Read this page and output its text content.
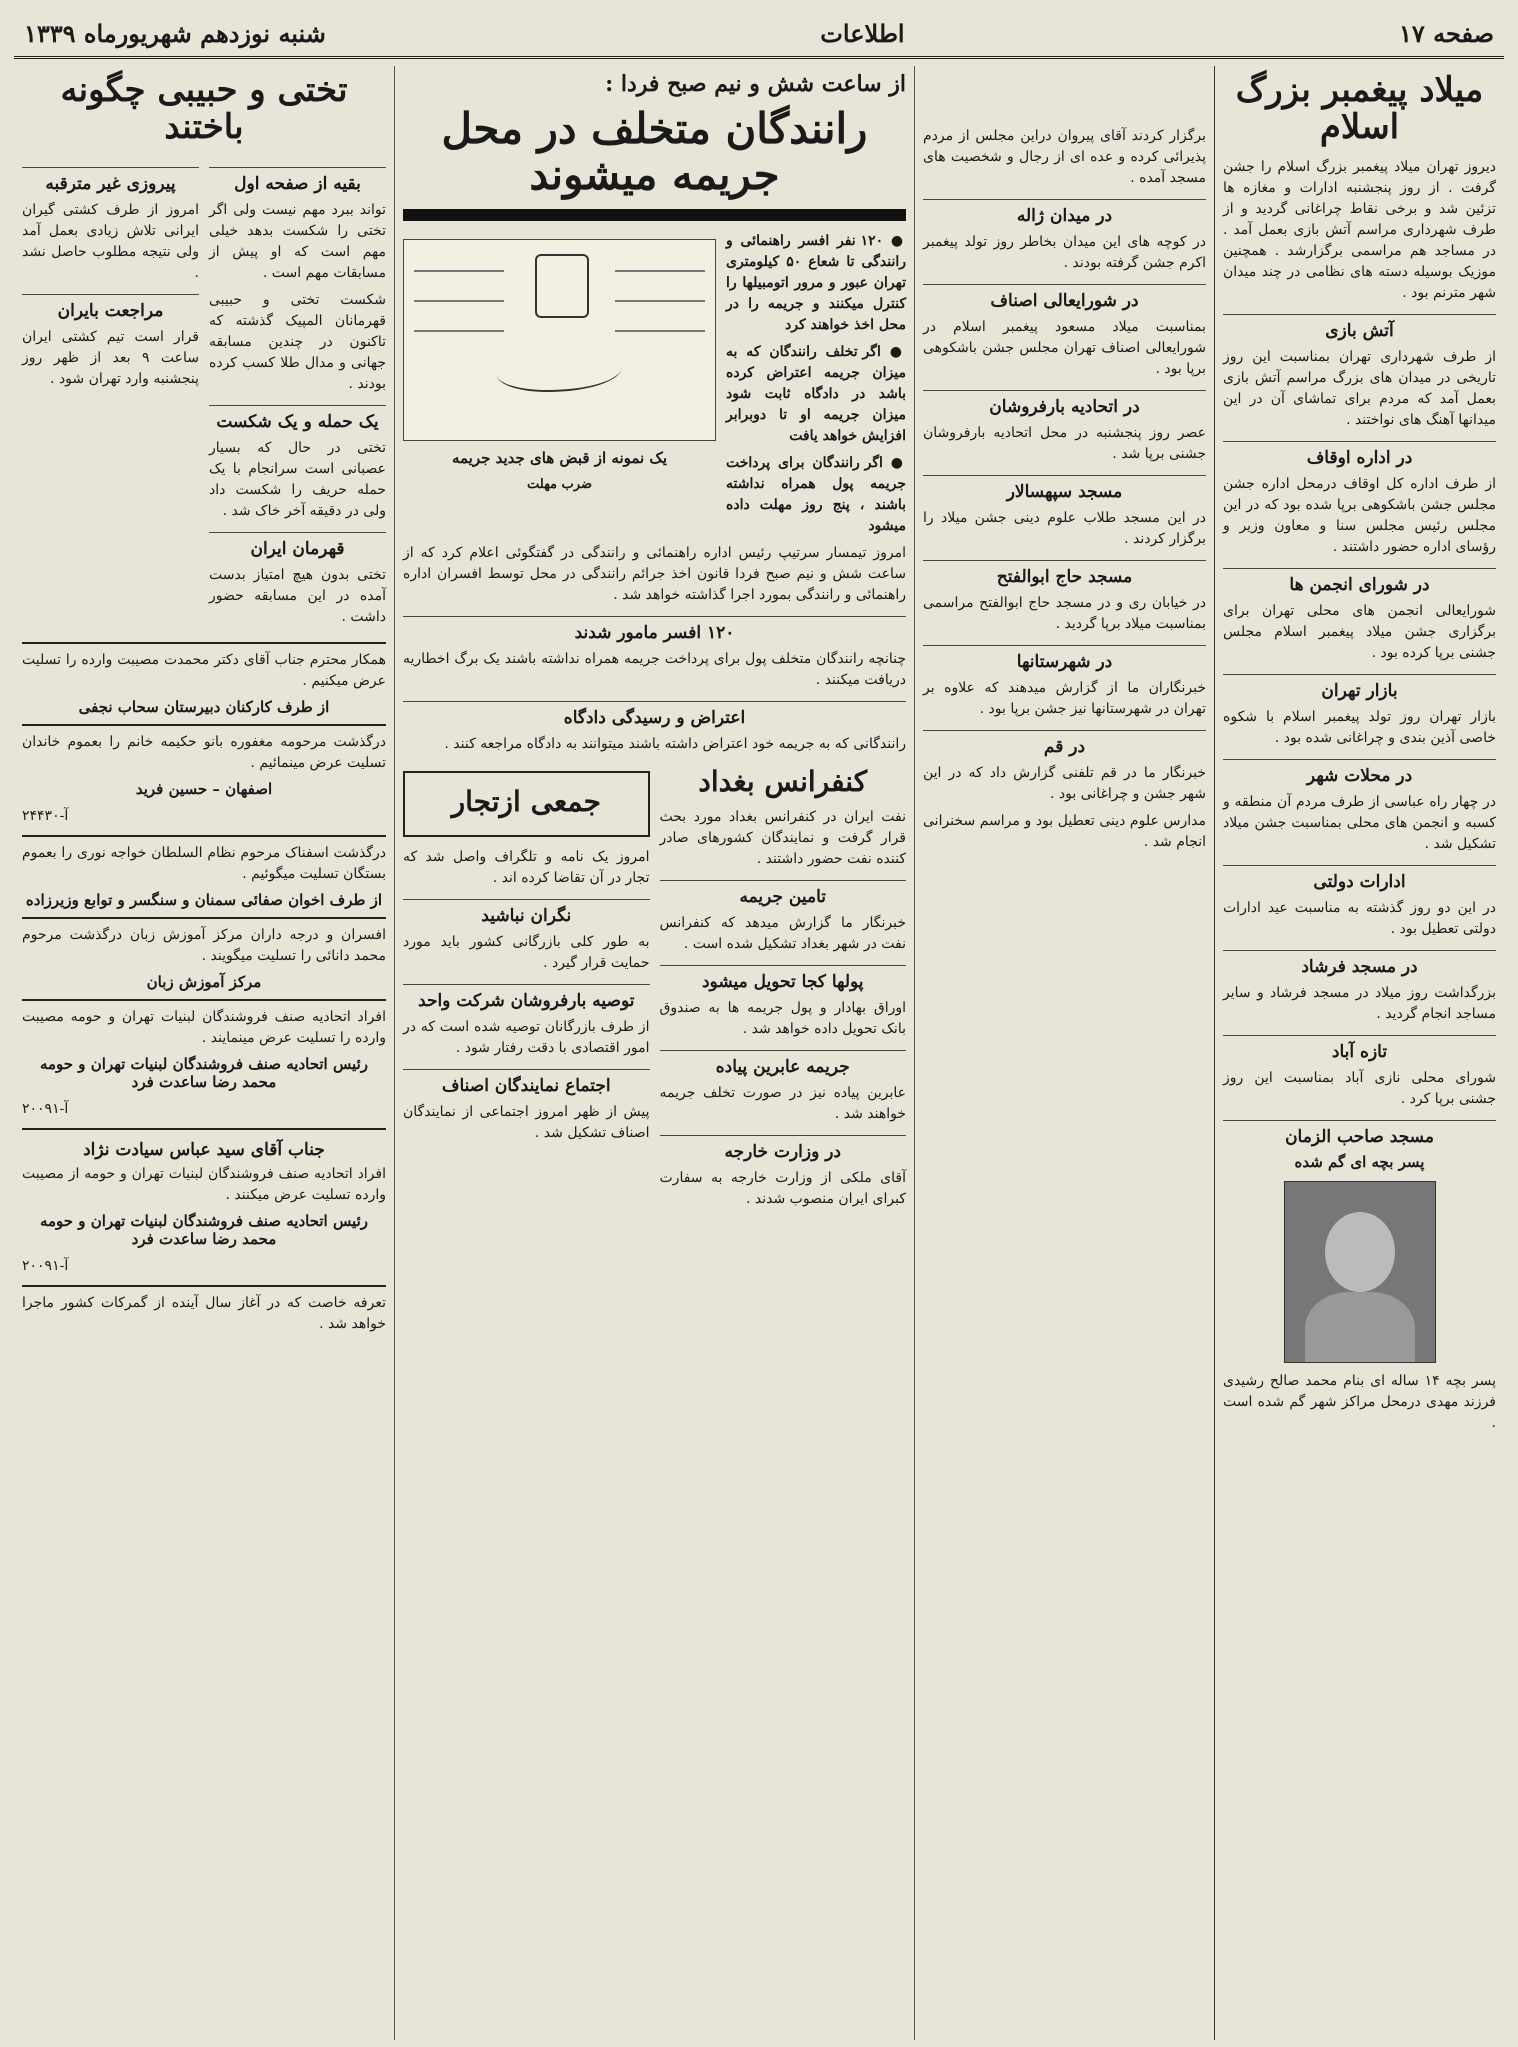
صفحه ۱۷
اطلاعات
شنبه نوزدهم شهریورماه ۱۳۳۹
میلاد پیغمبر بزرگ اسلام

دیروز تهران میلاد پیغمبر بزرگ اسلام را جشن گرفت . از روز پنجشنبه ادارات و مغازه ها تزئین شد و برخی نقاط چراغانی گردید و از طرف شهرداری مراسم آتش بازی بعمل آمد . در مساجد هم مراسمی برگزارشد . همچنین موزیک بوسیله دسته های نظامی در چند میدان شهر مترنم بود .

آتش بازی

از طرف شهرداری تهران بمناسبت این روز تاریخی در میدان های بزرگ مراسم آتش بازی بعمل آمد که مردم برای تماشای آن در این میدانها آهنگ های نواختند .

در اداره اوقاف

از طرف اداره کل اوقاف درمحل اداره جشن مجلس جشن باشکوهی برپا شده بود که در این مجلس رئیس مجلس سنا و معاون وزیر و رؤسای اداره حضور داشتند .

در شورای انجمن ها

شورایعالی انجمن های محلی تهران برای برگزاری جشن میلاد پیغمبر اسلام مجلس جشنی برپا کرده بود .

بازار تهران

بازار تهران روز تولد پیغمبر اسلام با شکوه خاصی آذین بندی و چراغانی شده بود .

در محلات شهر

در چهار راه عباسی از طرف مردم آن منطقه و کسبه و انجمن های محلی بمناسبت جشن میلاد تشکیل شد .

ادارات دولتی

در این دو روز گذشته به مناسبت عید ادارات دولتی تعطیل بود .

در مسجد فرشاد

بزرگداشت روز میلاد در مسجد فرشاد و سایر مساجد انجام گردید .

تازه آباد

شورای محلی نازی آباد بمناسبت این روز جشنی برپا کرد .

مسجد صاحب الزمان
پسر بچه ای گم شده

پسر بچه ۱۴ ساله ای بنام محمد صالح رشیدی فرزند مهدی درمحل مراکز شهر گم شده است .

برگزار کردند آقای پیروان دراین مجلس از مردم پذیرائی کرده و عده ای از رجال و شخصیت های مسجد آمده .

در میدان ژاله

در کوچه های این میدان بخاطر روز تولد پیغمبر اکرم جشن گرفته بودند .

در شورایعالی اصناف

بمناسبت میلاد مسعود پیغمبر اسلام در شورایعالی اصناف تهران مجلس جشن باشکوهی برپا بود .

در اتحادیه بارفروشان

عصر روز پنجشنبه در محل اتحادیه بارفروشان جشنی برپا شد .

مسجد سپهسالار

در این مسجد طلاب علوم دینی جشن میلاد را برگزار کردند .

مسجد حاج ابوالفتح

در خیابان ری و در مسجد حاج ابوالفتح مراسمی بمناسبت میلاد برپا گردید .

در شهرستانها

خبرنگاران ما از گزارش میدهند که علاوه بر تهران در شهرستانها نیز جشن برپا بود .

در قم

خبرنگار ما در قم تلفنی گزارش داد که در این شهر جشن و چراغانی بود .

مدارس علوم دینی تعطیل بود و مراسم سخنرانی انجام شد .

از ساعت شش و نیم صبح فردا :
رانندگان متخلف در محل جریمه میشوند

● ۱۲۰ نفر افسر راهنمائی و رانندگی تا شعاع ۵۰ کیلومتری تهران عبور و مرور اتومبیلها را کنترل میکنند و جریمه را در محل اخذ خواهند کرد

● اگر تخلف رانندگان که به میزان جریمه اعتراض کرده باشد در دادگاه ثابت شود میزان جریمه او تا دوبرابر افزایش خواهد یافت

● اگر رانندگان برای پرداخت جریمه پول همراه نداشته باشند ، پنج روز مهلت داده میشود

یک نمونه از قبض های جدید جریمه
ضرب مهلت

امروز تیمسار سرتیپ رئیس اداره راهنمائی و رانندگی در گفتگوئی اعلام کرد که از ساعت شش و نیم صبح فردا قانون اخذ جرائم رانندگی در محل توسط افسران اداره راهنمائی و رانندگی بمورد اجرا گذاشته خواهد شد .

۱۲۰ افسر مامور شدند

چنانچه رانندگان متخلف پول برای پرداخت جریمه همراه نداشته باشند یک برگ اخطاریه دریافت میکنند .

اعتراض و رسیدگی دادگاه

رانندگانی که به جریمه خود اعتراض داشته باشند میتوانند به دادگاه مراجعه کنند .

کنفرانس بغداد

نفت ایران در کنفرانس بغداد مورد بحث قرار گرفت و نمایندگان کشورهای صادر کننده نفت حضور داشتند .

تامین جریمه

خبرنگار ما گزارش میدهد که کنفرانس نفت در شهر بغداد تشکیل شده است .

پولها کجا تحویل میشود

اوراق بهادار و پول جریمه ها به صندوق بانک تحویل داده خواهد شد .

جریمه عابرین پیاده

عابرین پیاده نیز در صورت تخلف جریمه خواهند شد .

در وزارت خارجه

آقای ملکی از وزارت خارجه به سفارت کبرای ایران منصوب شدند .

جمعی ازتجار

امروز یک نامه و تلگراف واصل شد که تجار در آن تقاضا کرده اند .

نگران نباشید

به طور کلی بازرگانی کشور باید مورد حمایت قرار گیرد .

توصیه بارفروشان شرکت واحد

از طرف بازرگانان توصیه شده است که در امور اقتصادی با دقت رفتار شود .

اجتماع نمایندگان اصناف

پیش از ظهر امروز اجتماعی از نمایندگان اصناف تشکیل شد .

تختی و حبیبی چگونه باختند
بقیه از صفحه اول

تواند ببرد مهم نیست ولی اگر تختی را شکست بدهد خیلی مهم است که او پیش از مسابقات مهم است .

شکست تختی و حبیبی قهرمانان المپیک گذشته که تاکنون در چندین مسابقه جهانی و مدال طلا کسب کرده بودند .

یک حمله و یک شکست

تختی در حال که بسیار عصبانی است سرانجام با یک حمله حریف را شکست داد ولی در دقیقه آخر خاک شد .

قهرمان ایران

تختی بدون هیچ امتیاز بدست آمده در این مسابقه حضور داشت .

پیروزی غیر مترقبه

امروز از طرف کشتی گیران ایرانی تلاش زیادی بعمل آمد ولی نتیجه مطلوب حاصل نشد .

مراجعت بایران

قرار است تیم کشتی ایران ساعت ۹ بعد از ظهر روز پنجشنبه وارد تهران شود .

همکار محترم جناب آقای دکتر محمدت مصیبت وارده را تسلیت عرض میکنیم .

از طرف کارکنان دبیرستان سحاب نجفی

درگذشت مرحومه مغفوره بانو حکیمه خانم را بعموم خاندان تسلیت عرض مینمائیم .

اصفهان – حسین فرید
آ-۲۴۴۳۰

درگذشت اسفناک مرحوم نظام السلطان خواجه نوری را بعموم بستگان تسلیت میگوئیم .

از طرف اخوان صفائی سمنان و سنگسر و توابع وزیرزاده

افسران و درجه داران مرکز آموزش زبان درگذشت مرحوم محمد دانائی را تسلیت میگویند .

مرکز آموزش زبان

افراد اتحادیه صنف فروشندگان لبنیات تهران و حومه مصیبت وارده را تسلیت عرض مینمایند .

رئیس اتحادیه صنف فروشندگان لبنیات تهران و حومه محمد رضا ساعدت فرد
آ-۲۰۰۹۱
جناب آقای سید عباس سیادت نژاد

افراد اتحادیه صنف فروشندگان لبنیات تهران و حومه از مصیبت وارده تسلیت عرض میکنند .

رئیس اتحادیه صنف فروشندگان لبنیات تهران و حومه محمد رضا ساعدت فرد
آ-۲۰۰۹۱

تعرفه خاصت که در آغاز سال آینده از گمرکات کشور ماجرا خواهد شد .
